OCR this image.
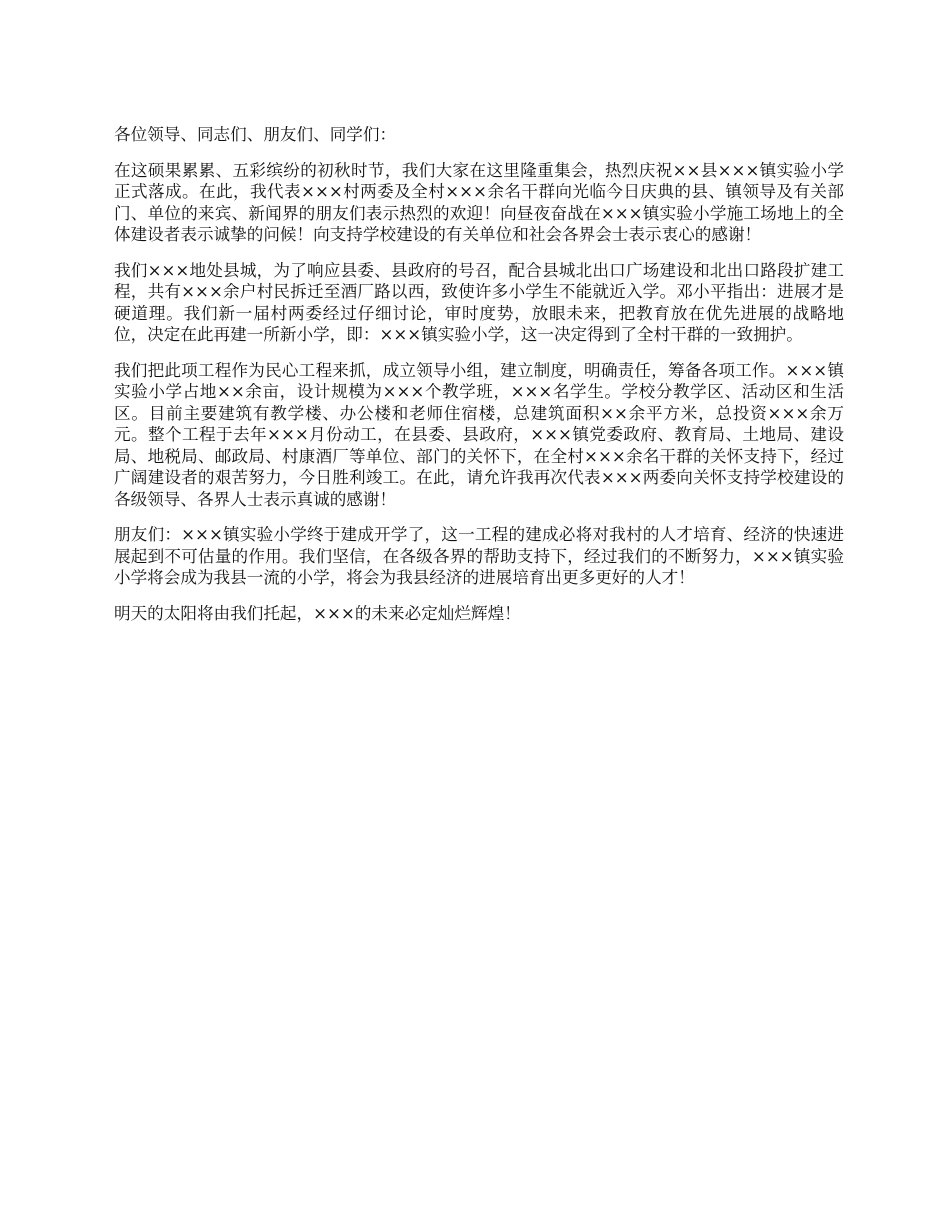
各位领导、同志们、朋友们、同学们：

在这硕果累累、五彩缤纷的初秋时节，我们大家在这里隆重集会，热烈庆祝××县×××镇实验小学正式落成。在此，我代表×××村两委及全村×××余名干群向光临今日庆典的县、镇领导及有关部门、单位的来宾、新闻界的朋友们表示热烈的欢迎！向昼夜奋战在×××镇实验小学施工场地上的全体建设者表示诚挚的问候！向支持学校建设的有关单位和社会各界会士表示衷心的感谢！

我们×××地处县城，为了响应县委、县政府的号召，配合县城北出口广场建设和北出口路段扩建工程，共有×××余户村民拆迁至酒厂路以西，致使许多小学生不能就近入学。邓小平指出：进展才是硬道理。我们新一届村两委经过仔细讨论，审时度势，放眼未来，把教育放在优先进展的战略地位，决定在此再建一所新小学，即：×××镇实验小学，这一决定得到了全村干群的一致拥护。

我们把此项工程作为民心工程来抓，成立领导小组，建立制度，明确责任，筹备各项工作。×××镇实验小学占地××余亩，设计规模为×××个教学班，×××名学生。学校分教学区、活动区和生活区。目前主要建筑有教学楼、办公楼和老师住宿楼，总建筑面积××余平方米，总投资×××余万元。整个工程于去年×××月份动工，在县委、县政府，×××镇党委政府、教育局、土地局、建设局、地税局、邮政局、村康酒厂等单位、部门的关怀下，在全村×××余名干群的关怀支持下，经过广阔建设者的艰苦努力，今日胜利竣工。在此，请允许我再次代表×××两委向关怀支持学校建设的各级领导、各界人士表示真诚的感谢！

朋友们：×××镇实验小学终于建成开学了，这一工程的建成必将对我村的人才培育、经济的快速进展起到不可估量的作用。我们坚信，在各级各界的帮助支持下，经过我们的不断努力，×××镇实验小学将会成为我县一流的小学，将会为我县经济的进展培育出更多更好的人才！

明天的太阳将由我们托起，×××的未来必定灿烂辉煌！
